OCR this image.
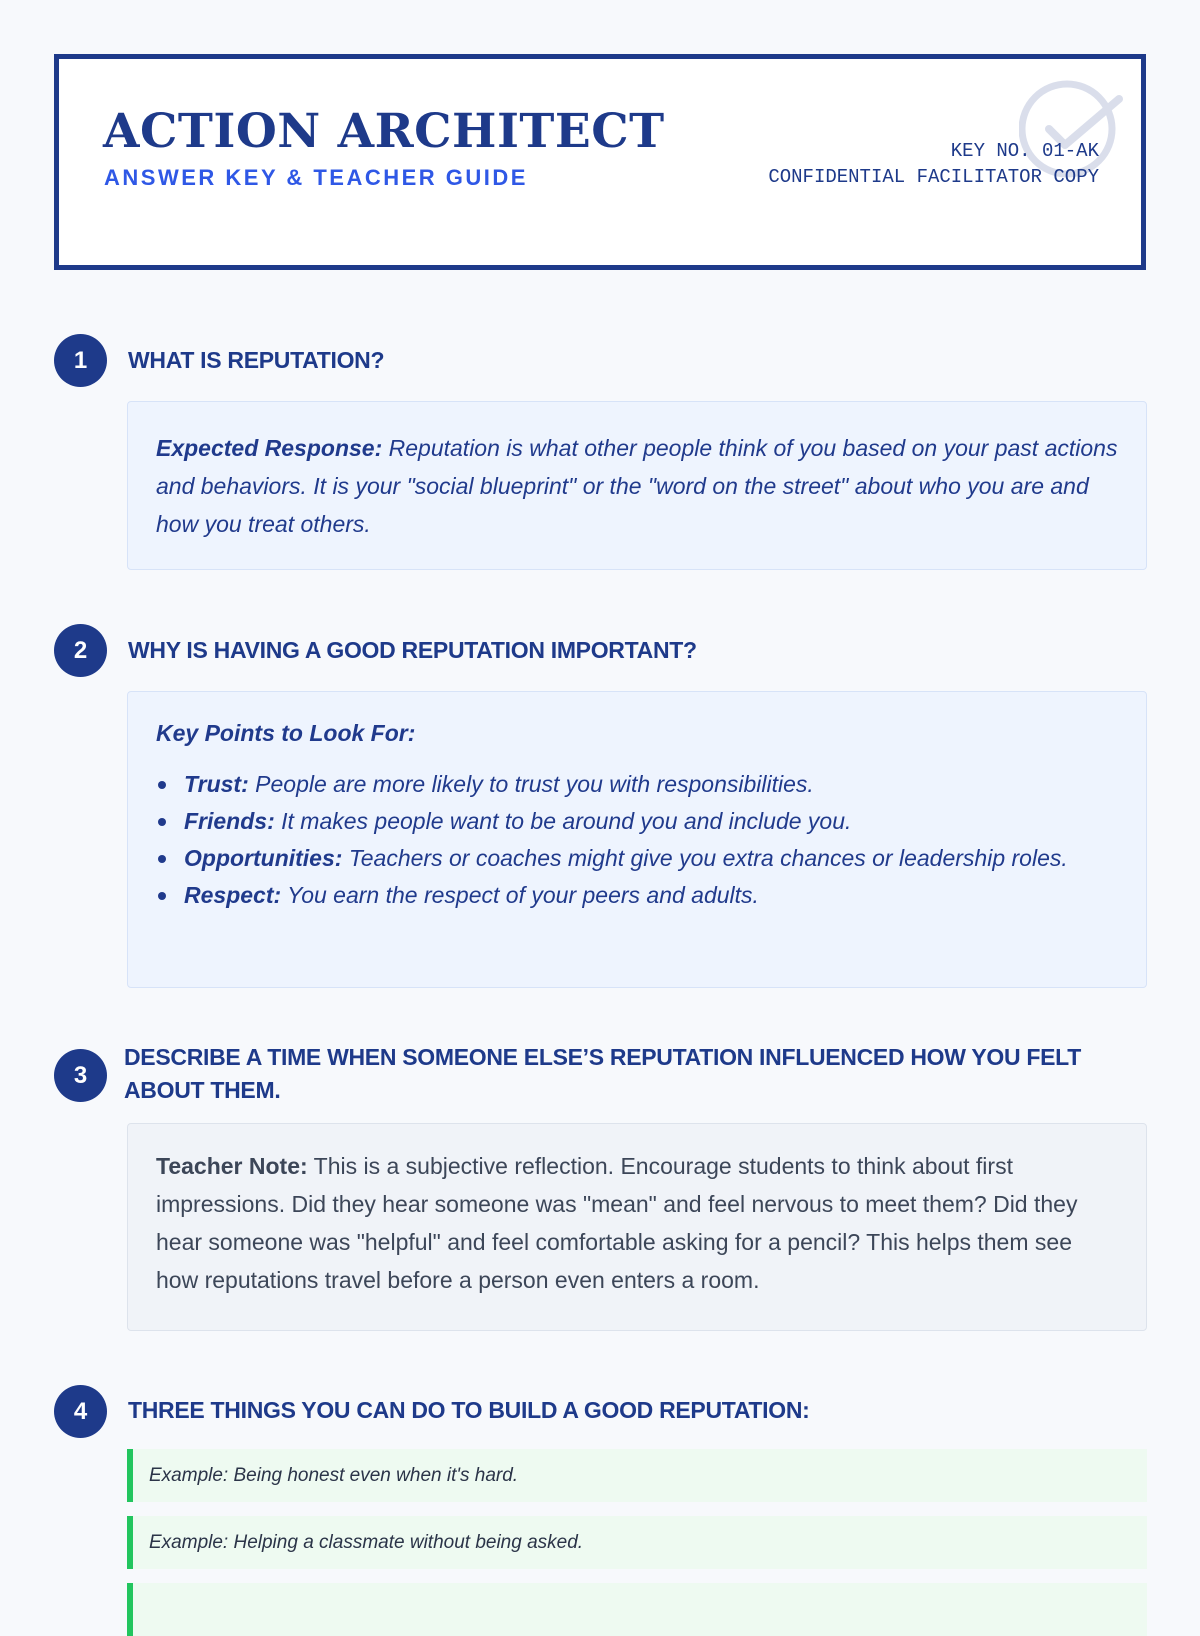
ACTION ARCHITECT
ANSWER KEY & TEACHER GUIDE
KEY NO. 01-AK
CONFIDENTIAL FACILITATOR COPY
1	WHAT IS REPUTATION?
Expected Response: Reputation is what other people think of you based on your past actions and behaviors. It is your "social blueprint" or the "word on the street" about who you are and how you treat others.
2	WHY IS HAVING A GOOD REPUTATION IMPORTANT?
Key Points to Look For:
Trust: People are more likely to trust you with responsibilities.
Friends: It makes people want to be around you and include you.
Opportunities: Teachers or coaches might give you extra chances or leadership roles.
Respect: You earn the respect of your peers and adults.
3
DESCRIBE A TIME WHEN SOMEONE ELSE’S REPUTATION INFLUENCED HOW YOU FELT ABOUT THEM.
Teacher Note: This is a subjective reflection. Encourage students to think about first impressions. Did they hear someone was "mean" and feel nervous to meet them? Did they hear someone was "helpful" and feel comfortable asking for a pencil? This helps them see how reputations travel before a person even enters a room.
4	THREE THINGS YOU CAN DO TO BUILD A GOOD REPUTATION:
Example: Being honest even when it's hard.
Example: Helping a classmate without being asked.
